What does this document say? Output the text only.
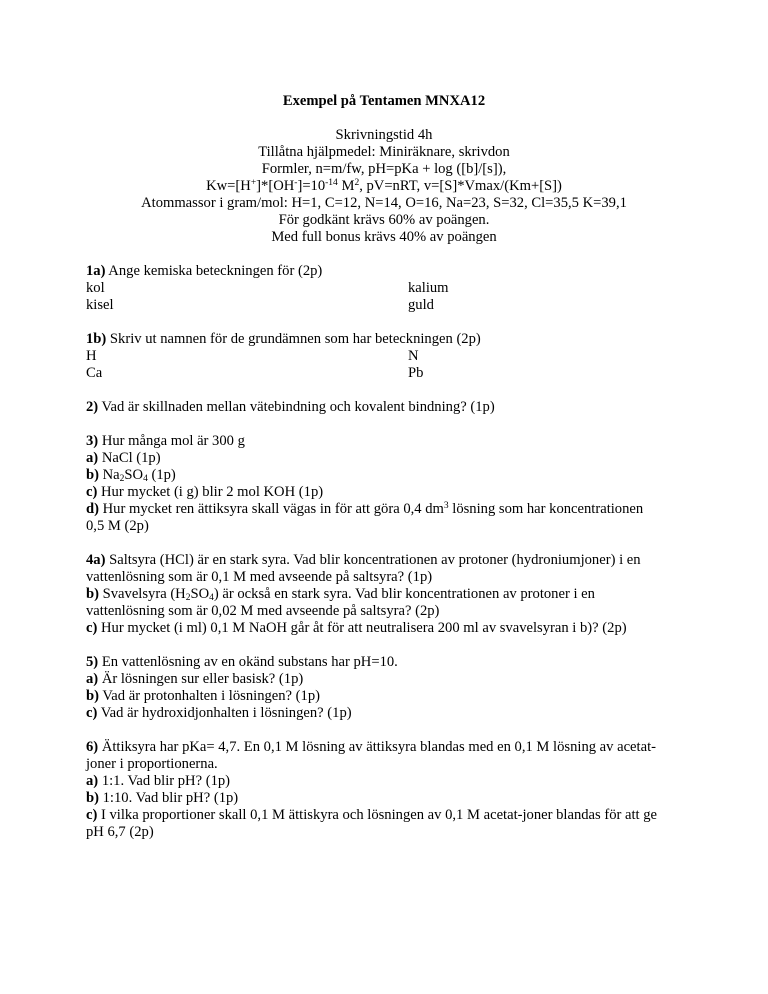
Exempel på Tentamen MNXA12
Skrivningstid 4h
Tillåtna hjälpmedel: Miniräknare, skrivdon
Formler, n=m/fw, pH=pKa + log ([b]/[s]),
$Kw=[H^+]*[OH^-]=10^{-14}$ $M^2$, pV=nRT, v=[S]*Vmax/(Km+[S])
Atommassor i gram/mol: H=1, C=12, N=14, O=16, Na=23, S=32, Cl=35,5 K=39,1
För godkänt krävs 60% av poängen.
Med full bonus krävs 40% av poängen
1a) Ange kemiska beteckningen för (2p)
kol	kalium
kisel	guld
1b) Skriv ut namnen för de grundämnen som har beteckningen (2p)
H	N
Ca	Pb
2) Vad är skillnaden mellan vätebindning och kovalent bindning? (1p)
3) Hur många mol är 300 g
a) NaCl (1p)
b) $Na_2SO_4$ (1p)
c) Hur mycket (i g) blir 2 mol KOH (1p)
d) Hur mycket ren ättiksyra skall vägas in för att göra 0,4 $dm^3$ lösning som har koncentrationen
0,5 M (2p)
4a) Saltsyra (HCl) är en stark syra. Vad blir koncentrationen av protoner (hydroniumjoner) i en
vattenlösning som är 0,1 M med avseende på saltsyra? (1p)
b) Svavelsyra $(H_2SO_4)$ är också en stark syra. Vad blir koncentrationen av protoner i en
vattenlösning som är 0,02 M med avseende på saltsyra? (2p)
c) Hur mycket (i ml) 0,1 M NaOH går åt för att neutralisera 200 ml av svavelsyran i b)? (2p)
5) En vattenlösning av en okänd substans har pH=10.
a) Är lösningen sur eller basisk? (1p)
b) Vad är protonhalten i lösningen? (1p)
c) Vad är hydroxidjonhalten i lösningen? (1p)
6) Ättiksyra har pKa= 4,7. En 0,1 M lösning av ättiksyra blandas med en 0,1 M lösning av acetat-
joner i proportionerna.
a) 1:1. Vad blir pH? (1p)
b) 1:10. Vad blir pH? (1p)
c) I vilka proportioner skall 0,1 M ättiskyra och lösningen av 0,1 M acetat-joner blandas för att ge
pH 6,7 (2p)
